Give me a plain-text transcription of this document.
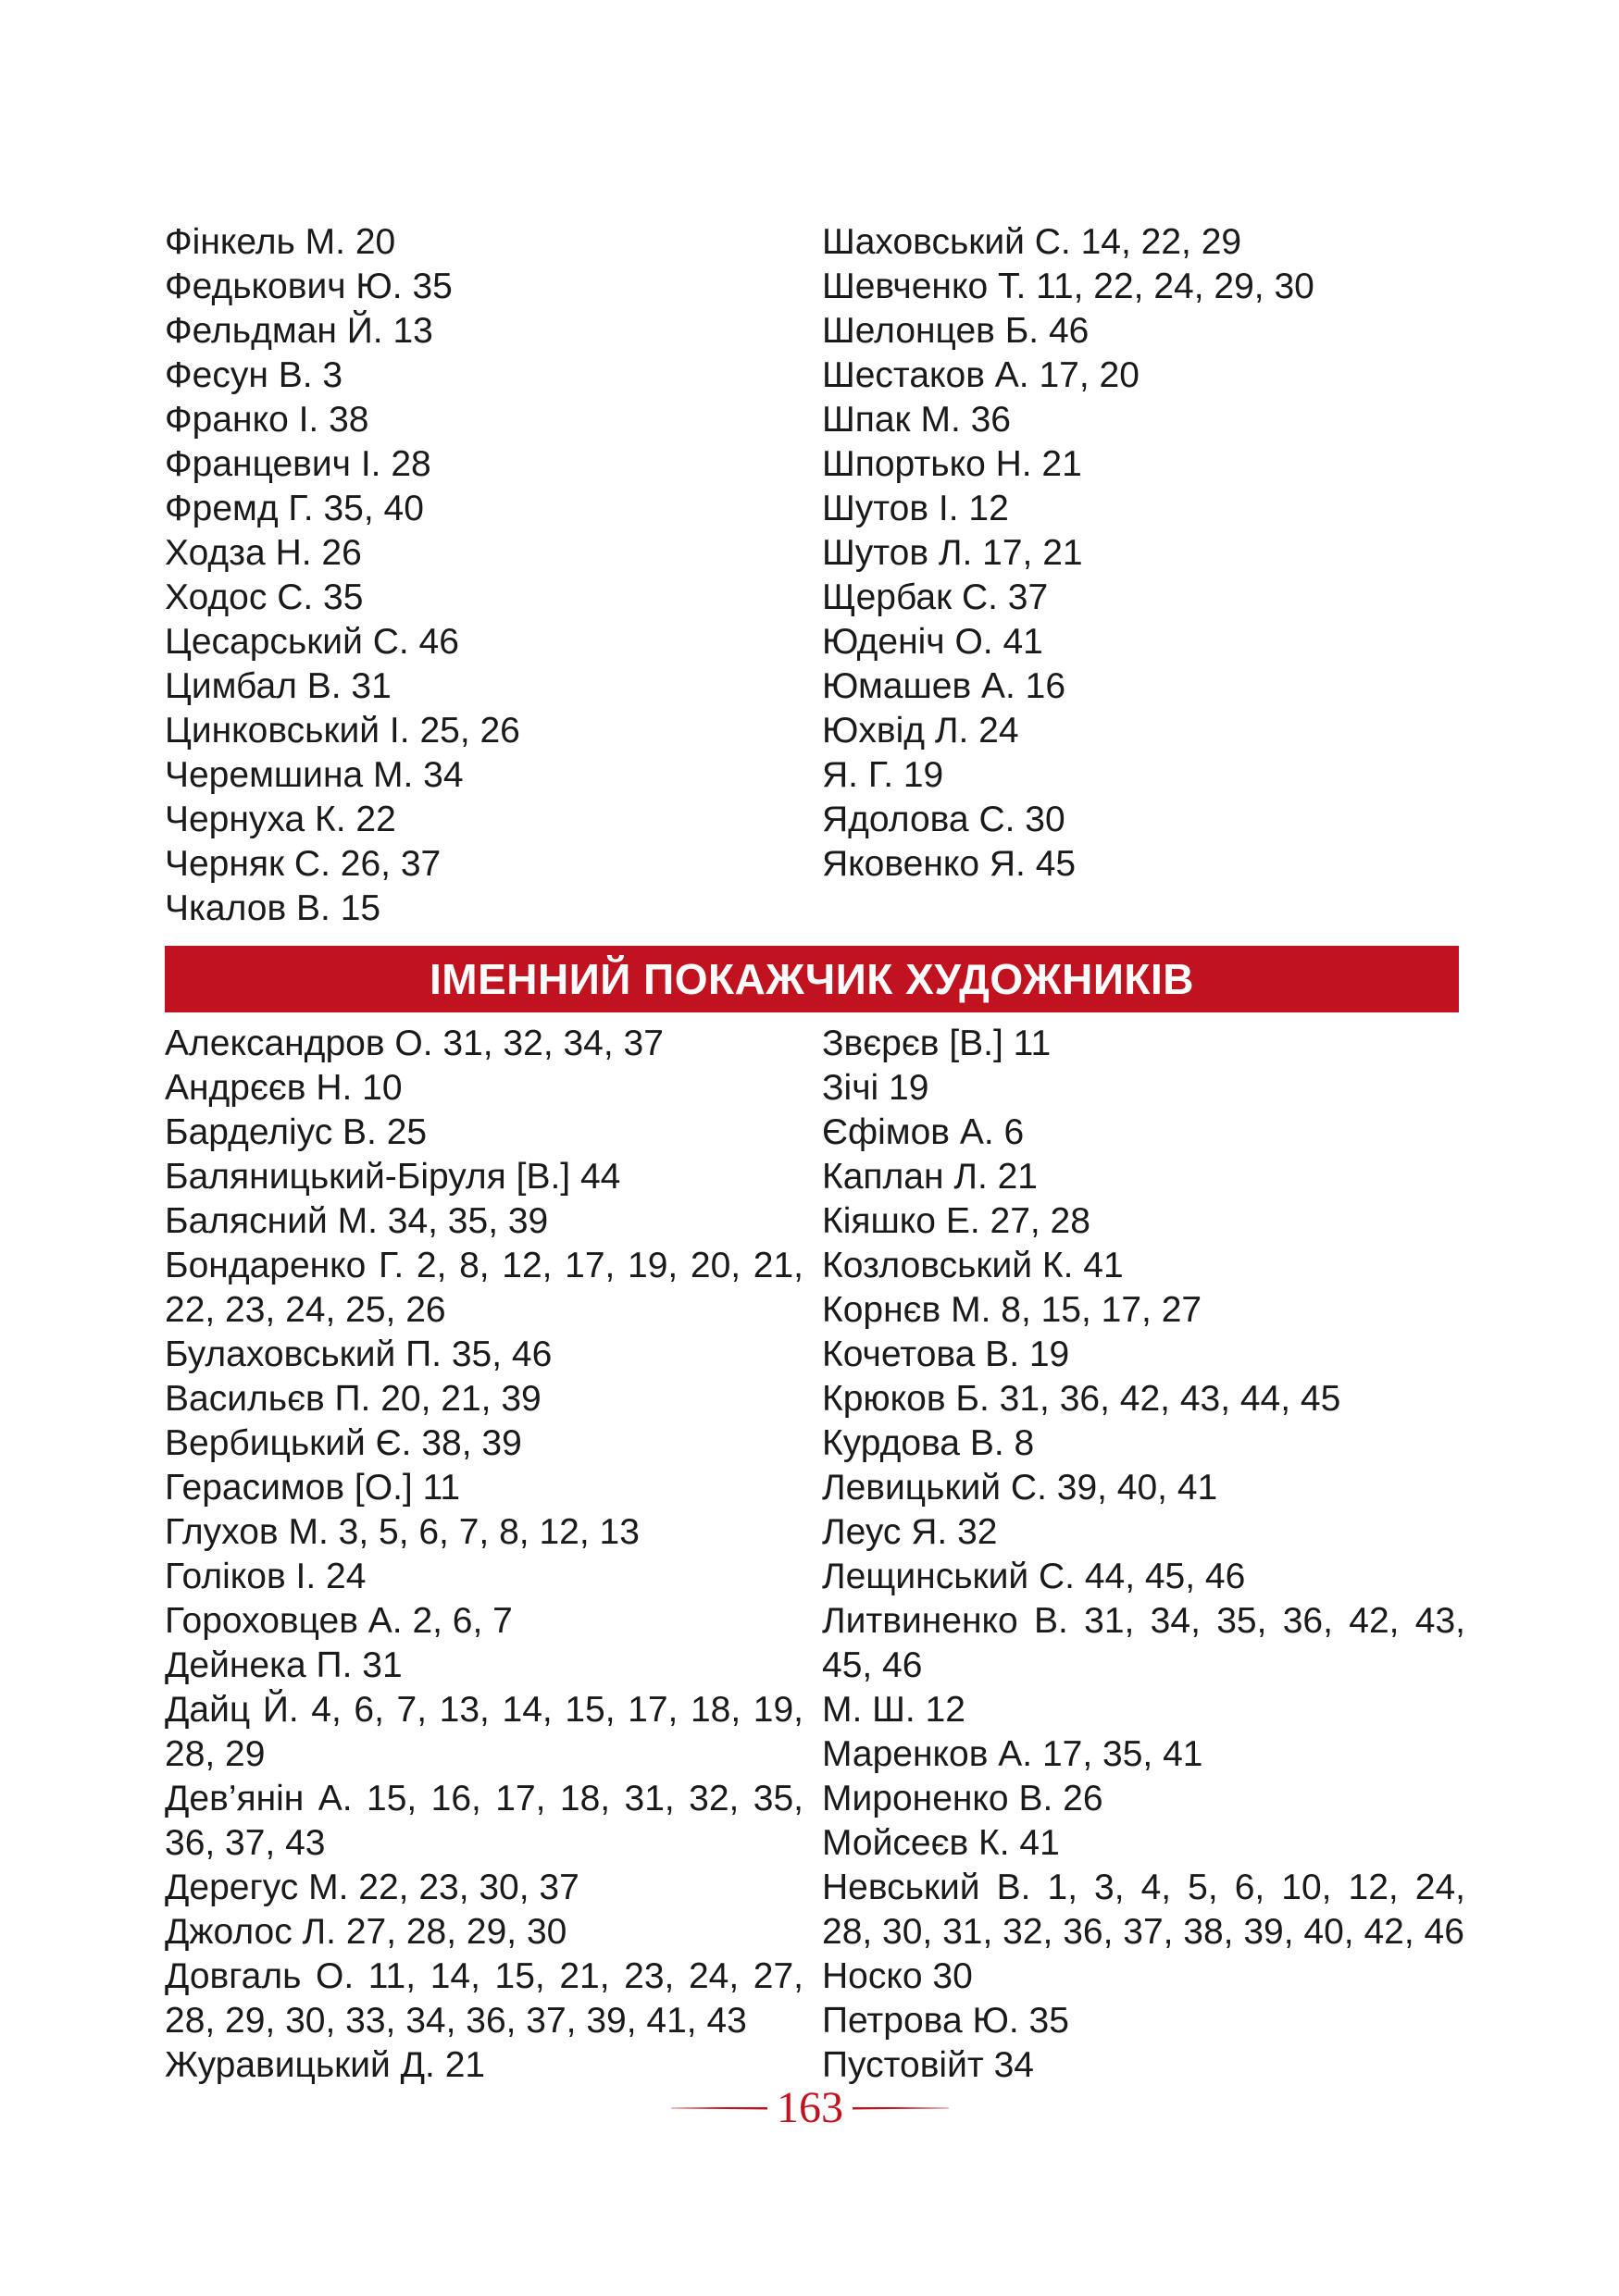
Фінкель М. 20
Федькович Ю. 35
Фельдман Й. 13
Фесун В. 3
Франко І. 38
Францевич І. 28
Фремд Г. 35, 40
Ходза Н. 26
Ходос С. 35
Цесарський С. 46
Цимбал В. 31
Цинковський І. 25, 26
Черемшина М. 34
Чернуха К. 22
Черняк С. 26, 37
Чкалов В. 15
Шаховський С. 14, 22, 29
Шевченко Т. 11, 22, 24, 29, 30
Шелонцев Б. 46
Шестаков А. 17, 20
Шпак М. 36
Шпортько Н. 21
Шутов І. 12
Шутов Л. 17, 21
Щербак С. 37
Юденіч О. 41
Юмашев А. 16
Юхвід Л. 24
Я. Г. 19
Ядолова С. 30
Яковенко Я. 45
ІМЕННИЙ ПОКАЖЧИК ХУДОЖНИКІВ
Александров О. 31, 32, 34, 37
Андрєєв Н. 10
Барделіус В. 25
Баляницький-Біруля [В.] 44
Балясний М. 34, 35, 39
Бондаренко Г. 2, 8, 12, 17, 19, 20, 21, 22, 23, 24, 25, 26
Булаховський П. 35, 46
Васильєв П. 20, 21, 39
Вербицький Є. 38, 39
Герасимов [О.] 11
Глухов М. 3, 5, 6, 7, 8, 12, 13
Голіков І. 24
Гороховцев А. 2, 6, 7
Дейнека П. 31
Дайц Й. 4, 6, 7, 13, 14, 15, 17, 18, 19, 28, 29
Дев’янін А. 15, 16, 17, 18, 31, 32, 35, 36, 37, 43
Дерегус М. 22, 23, 30, 37
Джолос Л. 27, 28, 29, 30
Довгаль О. 11, 14, 15, 21, 23, 24, 27, 28, 29, 30, 33, 34, 36, 37, 39, 41, 43
Журавицький Д. 21
Звєрєв [В.] 11
Зічі 19
Єфімов А. 6
Каплан Л. 21
Кіяшко Е. 27, 28
Козловський К. 41
Корнєв М. 8, 15, 17, 27
Кочетова В. 19
Крюков Б. 31, 36, 42, 43, 44, 45
Курдова В. 8
Левицький С. 39, 40, 41
Леус Я. 32
Лещинський С. 44, 45, 46
Литвиненко В. 31, 34, 35, 36, 42, 43, 45, 46
М. Ш. 12
Маренков А. 17, 35, 41
Мироненко В. 26
Мойсеєв К. 41
Невський В. 1, 3, 4, 5, 6, 10, 12, 24, 28, 30, 31, 32, 36, 37, 38, 39, 40, 42, 46
Носко 30
Петрова Ю. 35
Пустовійт 34
163
